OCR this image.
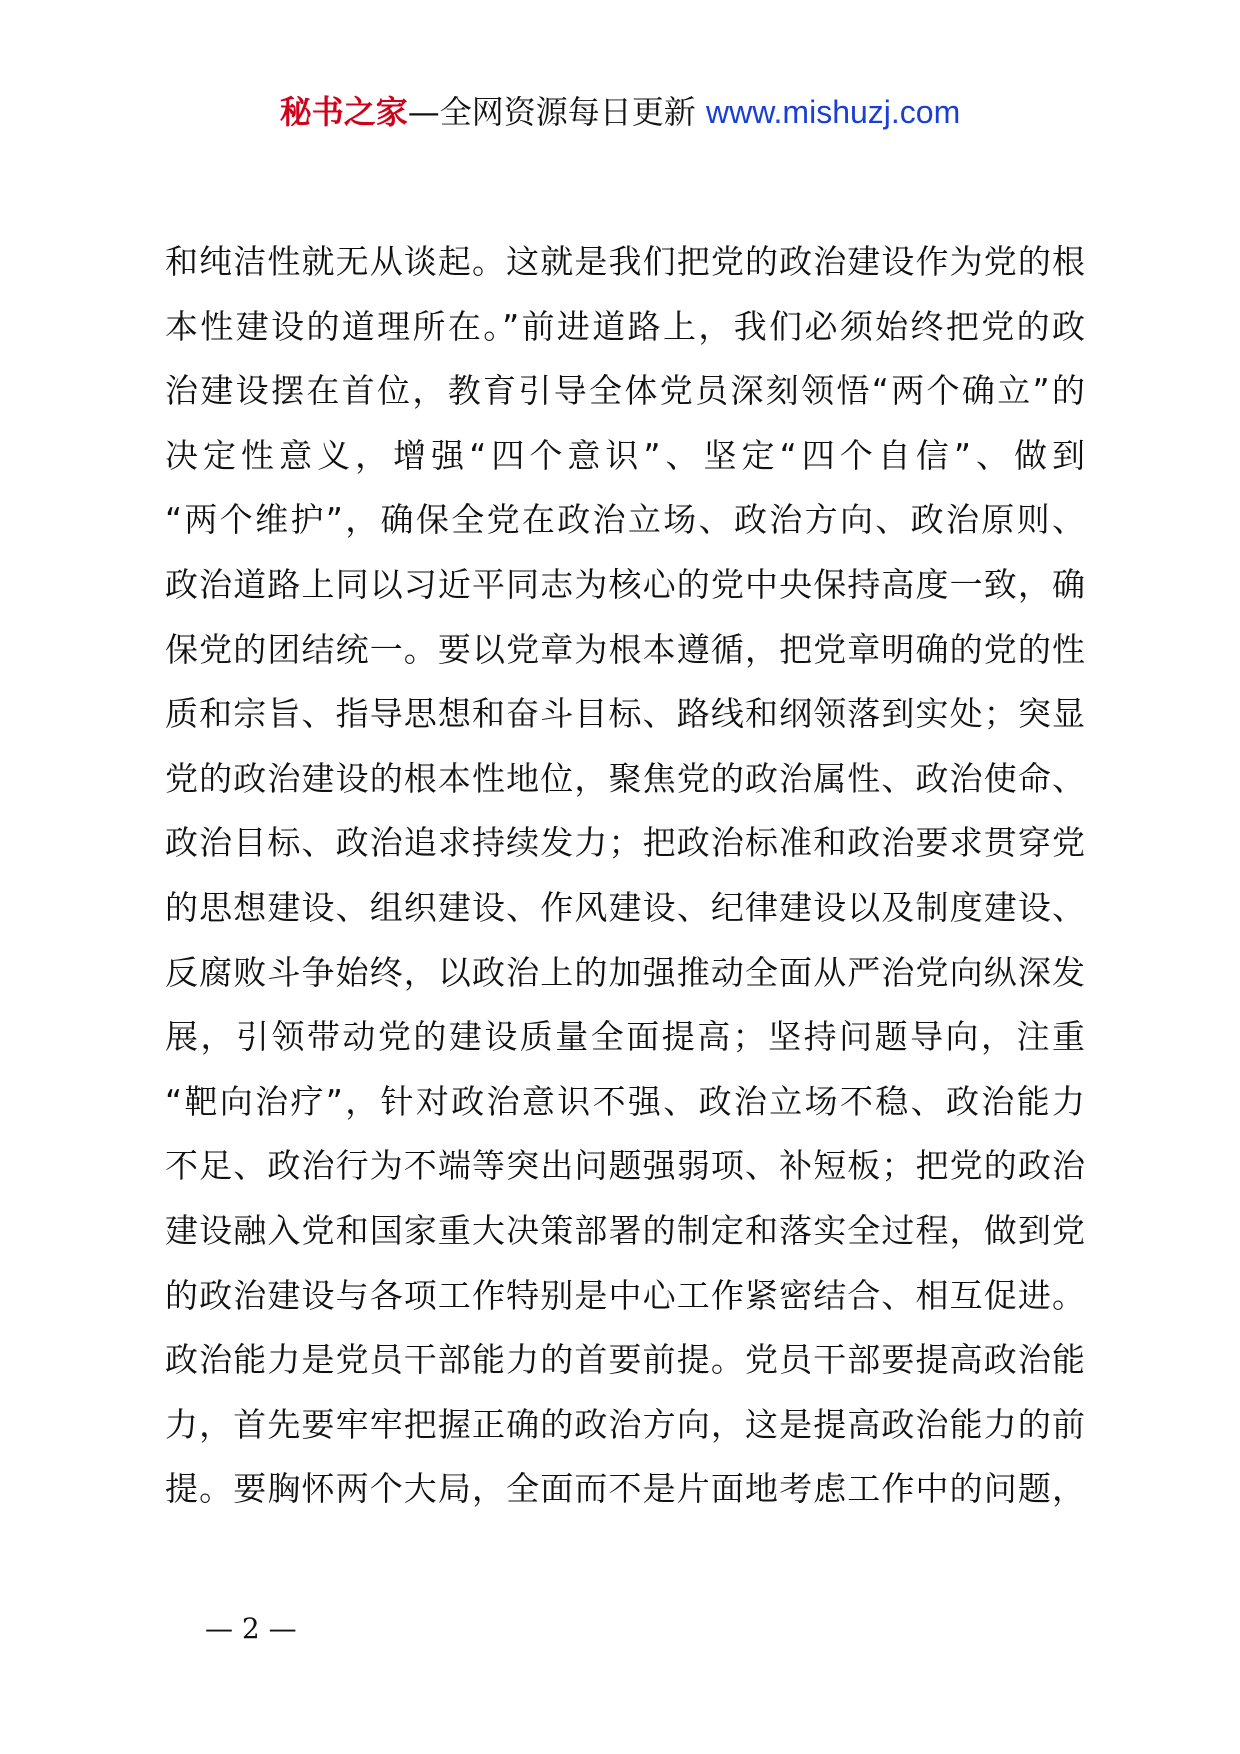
秘书之家—全网资源每日更新 www.mishuzj.com
和纯洁性就无从谈起。这就是我们把党的政治建设作为党的根
本性建设的道理所在。”前进道路上，我们必须始终把党的政
治建设摆在首位，教育引导全体党员深刻领悟“两个确立”的
决定性意义，增强“四个意识”、坚定“四个自信”、做到
“两个维护”，确保全党在政治立场、政治方向、政治原则、
政治道路上同以习近平同志为核心的党中央保持高度一致，确
保党的团结统一。要以党章为根本遵循，把党章明确的党的性
质和宗旨、指导思想和奋斗目标、路线和纲领落到实处；突显
党的政治建设的根本性地位，聚焦党的政治属性、政治使命、
政治目标、政治追求持续发力；把政治标准和政治要求贯穿党
的思想建设、组织建设、作风建设、纪律建设以及制度建设、
反腐败斗争始终，以政治上的加强推动全面从严治党向纵深发
展，引领带动党的建设质量全面提高；坚持问题导向，注重
“靶向治疗”，针对政治意识不强、政治立场不稳、政治能力
不足、政治行为不端等突出问题强弱项、补短板；把党的政治
建设融入党和国家重大决策部署的制定和落实全过程，做到党
的政治建设与各项工作特别是中心工作紧密结合、相互促进。
政治能力是党员干部能力的首要前提。党员干部要提高政治能
力，首先要牢牢把握正确的政治方向，这是提高政治能力的前
提。要胸怀两个大局，全面而不是片面地考虑工作中的问题，
— 2 —
